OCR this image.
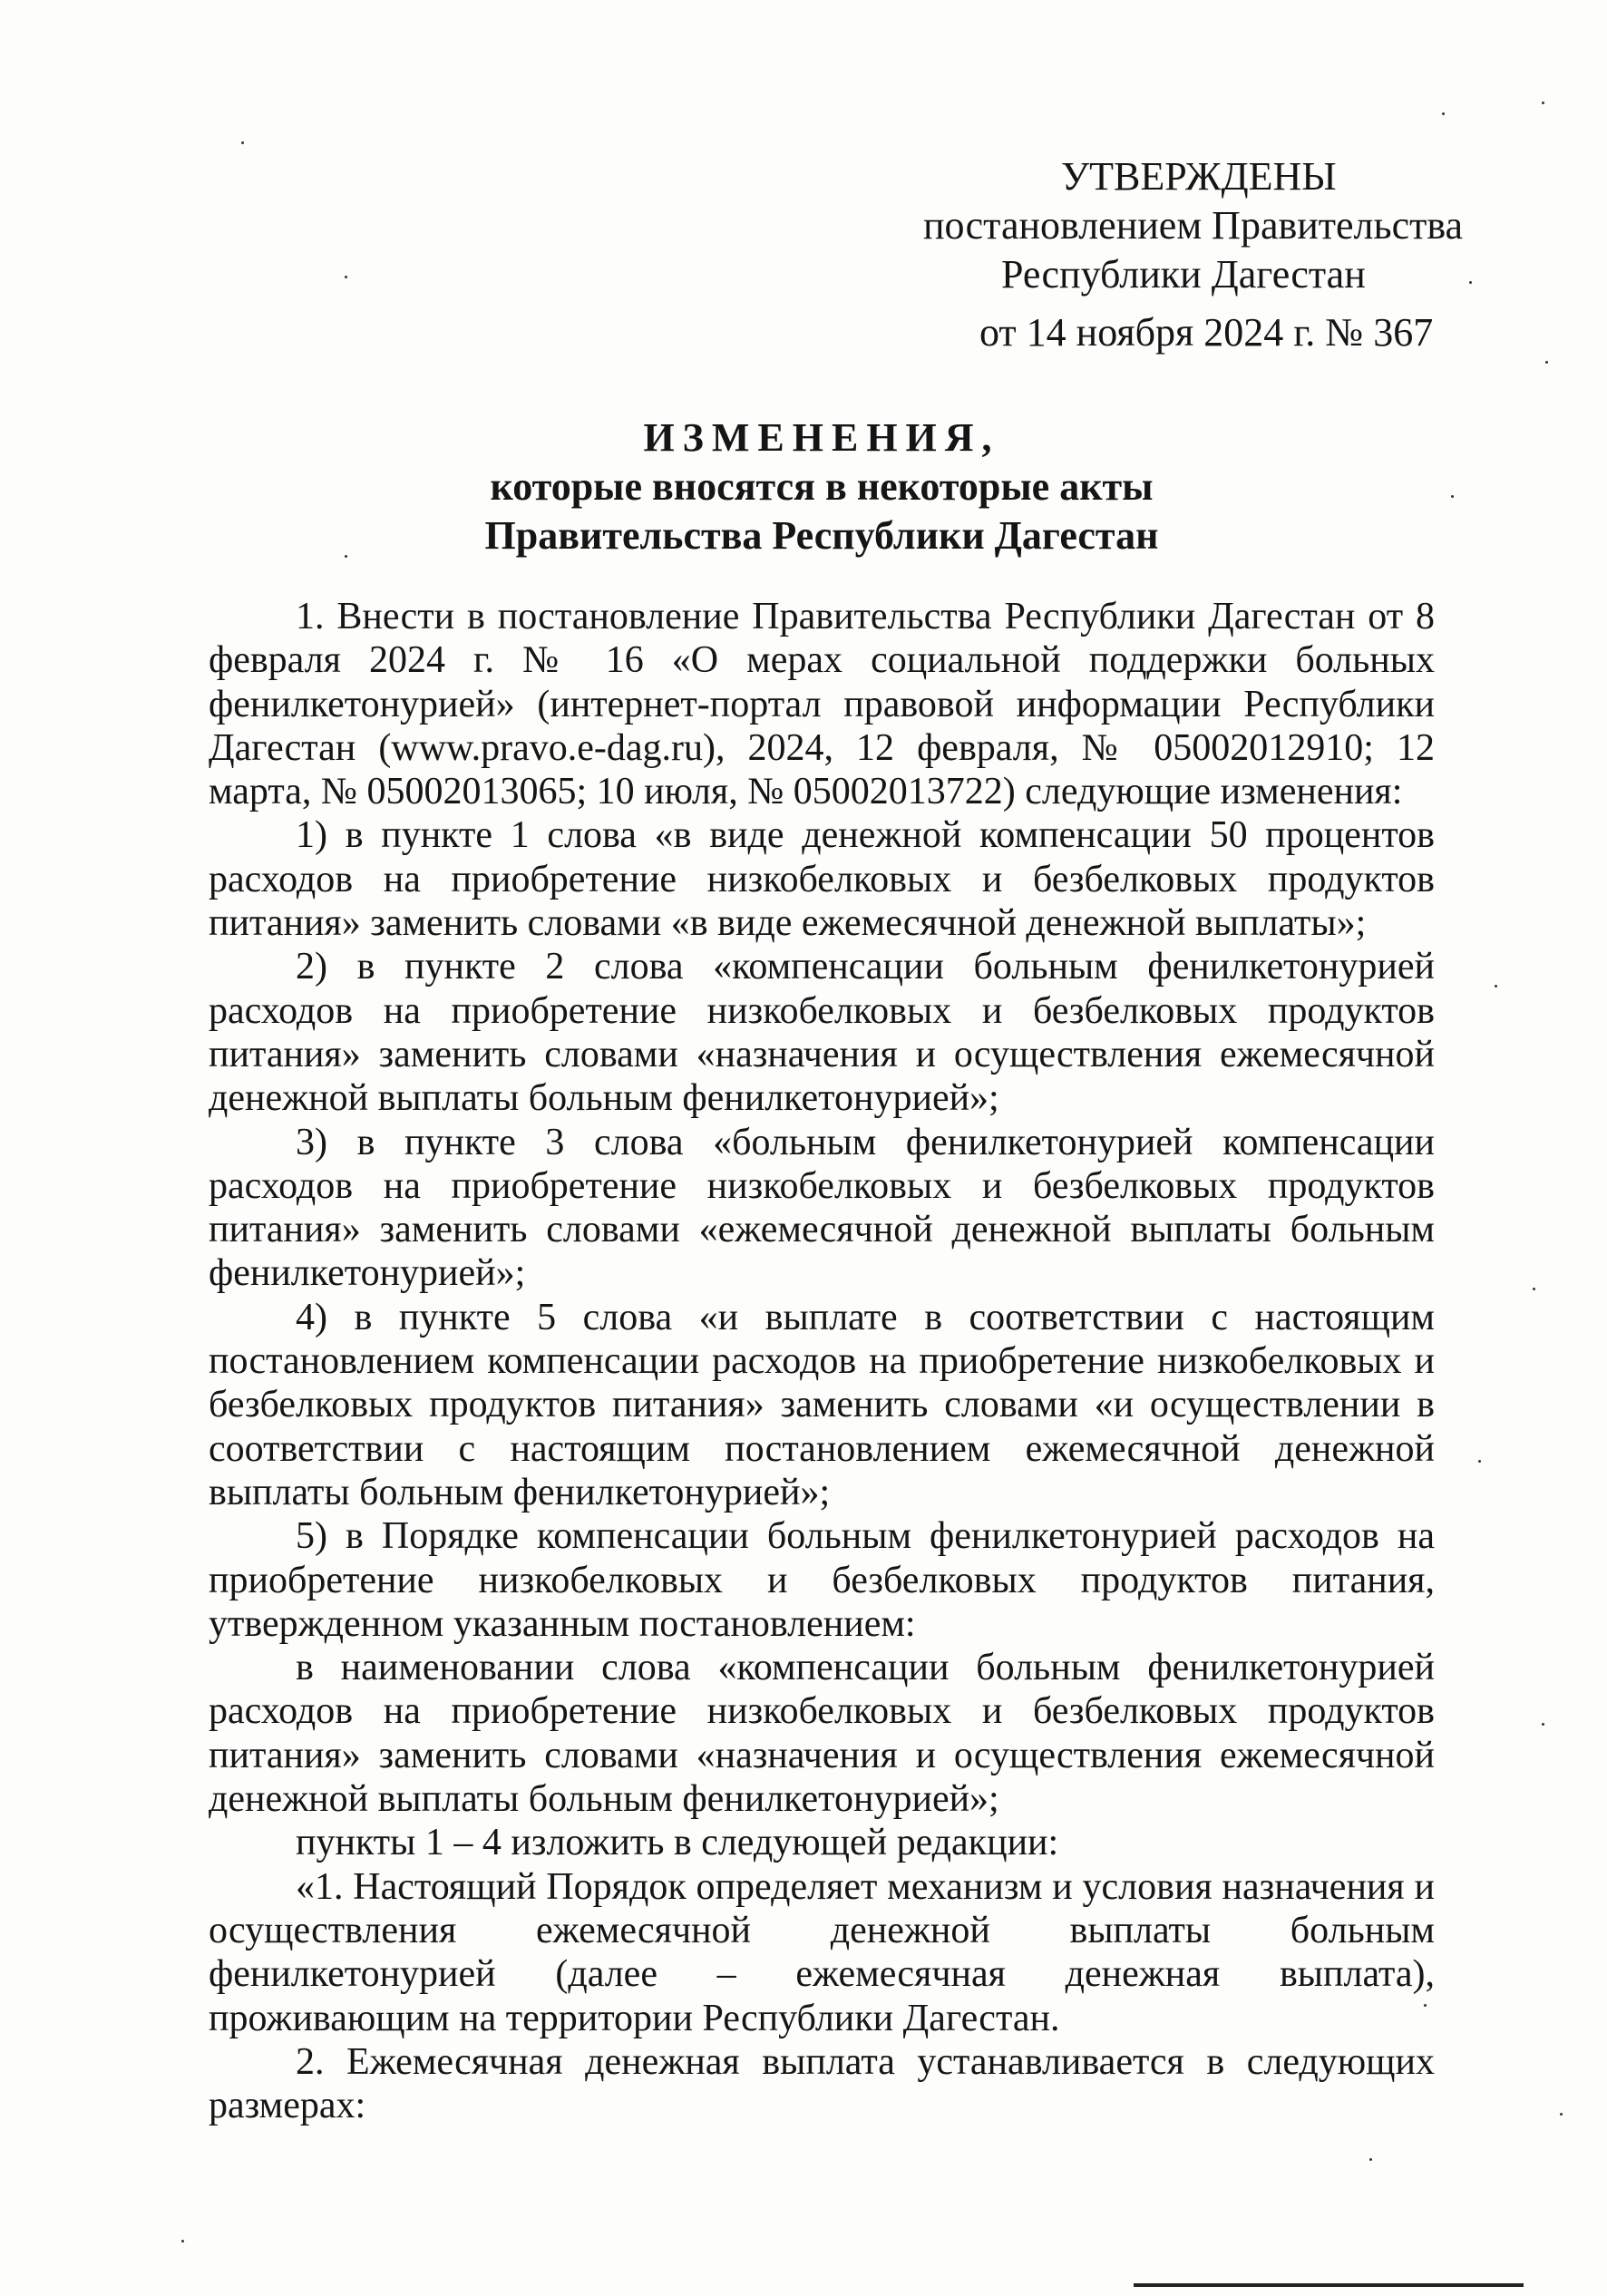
УТВЕРЖДЕНЫ
постановлением Правительства
Республики Дагестан
от 14 ноября 2024 г. № 367
ИЗМЕНЕНИЯ,
которые вносятся в некоторые акты
Правительства Республики Дагестан

1. Внести в постановление Правительства Республики Дагестан от 8 февраля 2024 г. № 16 «О мерах социальной поддержки больных фенилкетонурией» (интернет-портал правовой информации Республики Дагестан (www.pravo.e-dag.ru), 2024, 12 февраля, № 05002012910; 12 марта, № 05002013065; 10 июля, № 05002013722) следующие изменения:

1) в пункте 1 слова «в виде денежной компенсации 50 процентов расходов на приобретение низкобелковых и безбелковых продуктов питания» заменить словами «в виде ежемесячной денежной выплаты»;

2) в пункте 2 слова «компенсации больным фенилкетонурией расходов на приобретение низкобелковых и безбелковых продуктов питания» заменить словами «назначения и осуществления ежемесячной денежной выплаты больным фенилкетонурией»;

3) в пункте 3 слова «больным фенилкетонурией компенсации расходов на приобретение низкобелковых и безбелковых продуктов питания» заменить словами «ежемесячной денежной выплаты больным фенилкетонурией»;

4) в пункте 5 слова «и выплате в соответствии с настоящим постановлением компенсации расходов на приобретение низкобелковых и безбелковых продуктов питания» заменить словами «и осуществлении в соответствии с настоящим постановлением ежемесячной денежной выплаты больным фенилкетонурией»;

5) в Порядке компенсации больным фенилкетонурией расходов на приобретение низкобелковых и безбелковых продуктов питания, утвержденном указанным постановлением:

в наименовании слова «компенсации больным фенилкетонурией расходов на приобретение низкобелковых и безбелковых продуктов питания» заменить словами «назначения и осуществления ежемесячной денежной выплаты больным фенилкетонурией»;

пункты 1 – 4 изложить в следующей редакции:

«1. Настоящий Порядок определяет механизм и условия назначения и осуществления ежемесячной денежной выплаты больным фенилкетонурией (далее – ежемесячная денежная выплата), проживающим на территории Республики Дагестан.

2. Ежемесячная денежная выплата устанавливается в следующих размерах:
